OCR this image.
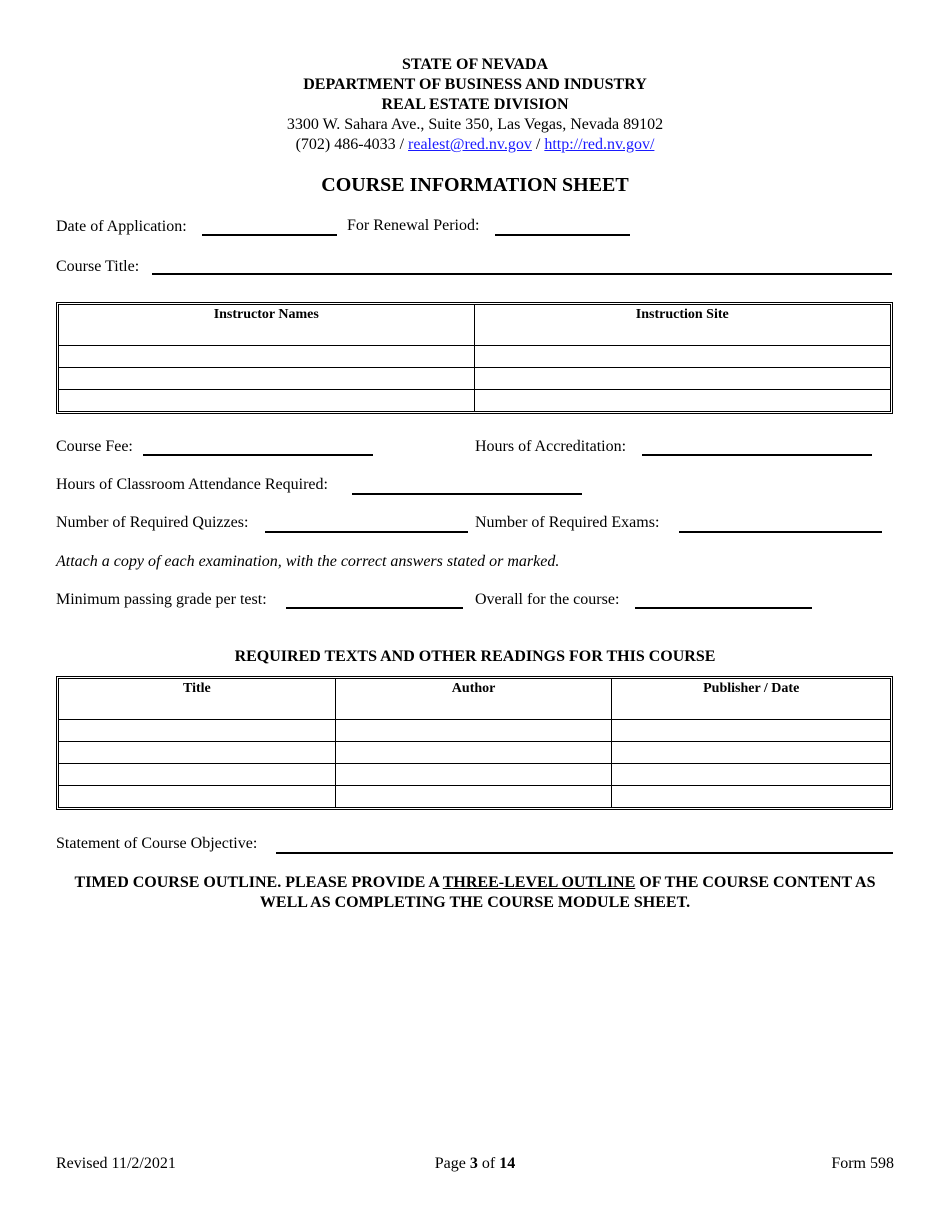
STATE OF NEVADA
DEPARTMENT OF BUSINESS AND INDUSTRY
REAL ESTATE DIVISION
3300 W. Sahara Ave., Suite 350, Las Vegas, Nevada 89102
(702) 486-4033 / realest@red.nv.gov / http://red.nv.gov/
COURSE INFORMATION SHEET
Date of Application:	For Renewal Period:
Course Title:
Instructor Names	Instruction Site

Course Fee:	Hours of Accreditation:
Hours of Classroom Attendance Required:
Number of Required Quizzes:	Number of Required Exams:
Attach a copy of each examination, with the correct answers stated or marked.
Minimum passing grade per test:	Overall for the course:
REQUIRED TEXTS AND OTHER READINGS FOR THIS COURSE
Title	Author	Publisher / Date

Statement of Course Objective:
TIMED COURSE OUTLINE. PLEASE PROVIDE A THREE-LEVEL OUTLINE OF THE COURSE CONTENT AS WELL AS COMPLETING THE COURSE MODULE SHEET.
Revised 11/2/2021	Page 3 of 14	Form 598
